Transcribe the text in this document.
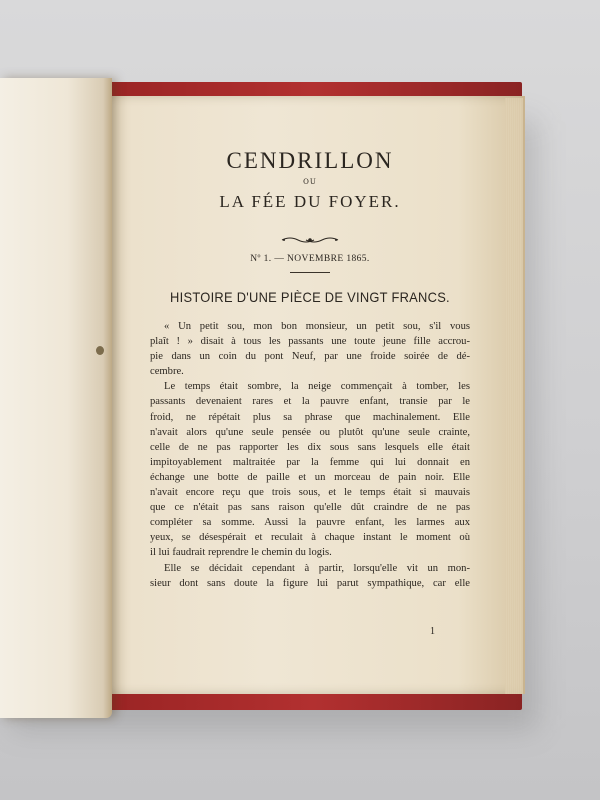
CENDRILLON

OU

LA FÉE DU FOYER.

Nº 1. — NOVEMBRE 1865.
HISTOIRE D'UNE PIÈCE DE VINGT FRANCS.
« Un petit sou, mon bon monsieur, un petit sou, s'il vous
plaît ! » disait à tous les passants une toute jeune fille accrou-
pie dans un coin du pont Neuf, par une froide soirée de dé-
cembre.
Le temps était sombre, la neige commençait à tomber, les
passants devenaient rares et la pauvre enfant, transie par le
froid, ne répétait plus sa phrase que machinalement. Elle
n'avait alors qu'une seule pensée ou plutôt qu'une seule crainte,
celle de ne pas rapporter les dix sous sans lesquels elle était
impitoyablement maltraitée par la femme qui lui donnait en
échange une botte de paille et un morceau de pain noir. Elle
n'avait encore reçu que trois sous, et le temps était si mauvais
que ce n'était pas sans raison qu'elle dût craindre de ne pas
compléter sa somme. Aussi la pauvre enfant, les larmes aux
yeux, se désespérait et reculait à chaque instant le moment où
il lui faudrait reprendre le chemin du logis.
Elle se décidait cependant à partir, lorsqu'elle vit un mon-
sieur dont sans doute la figure lui parut sympathique, car elle
1
